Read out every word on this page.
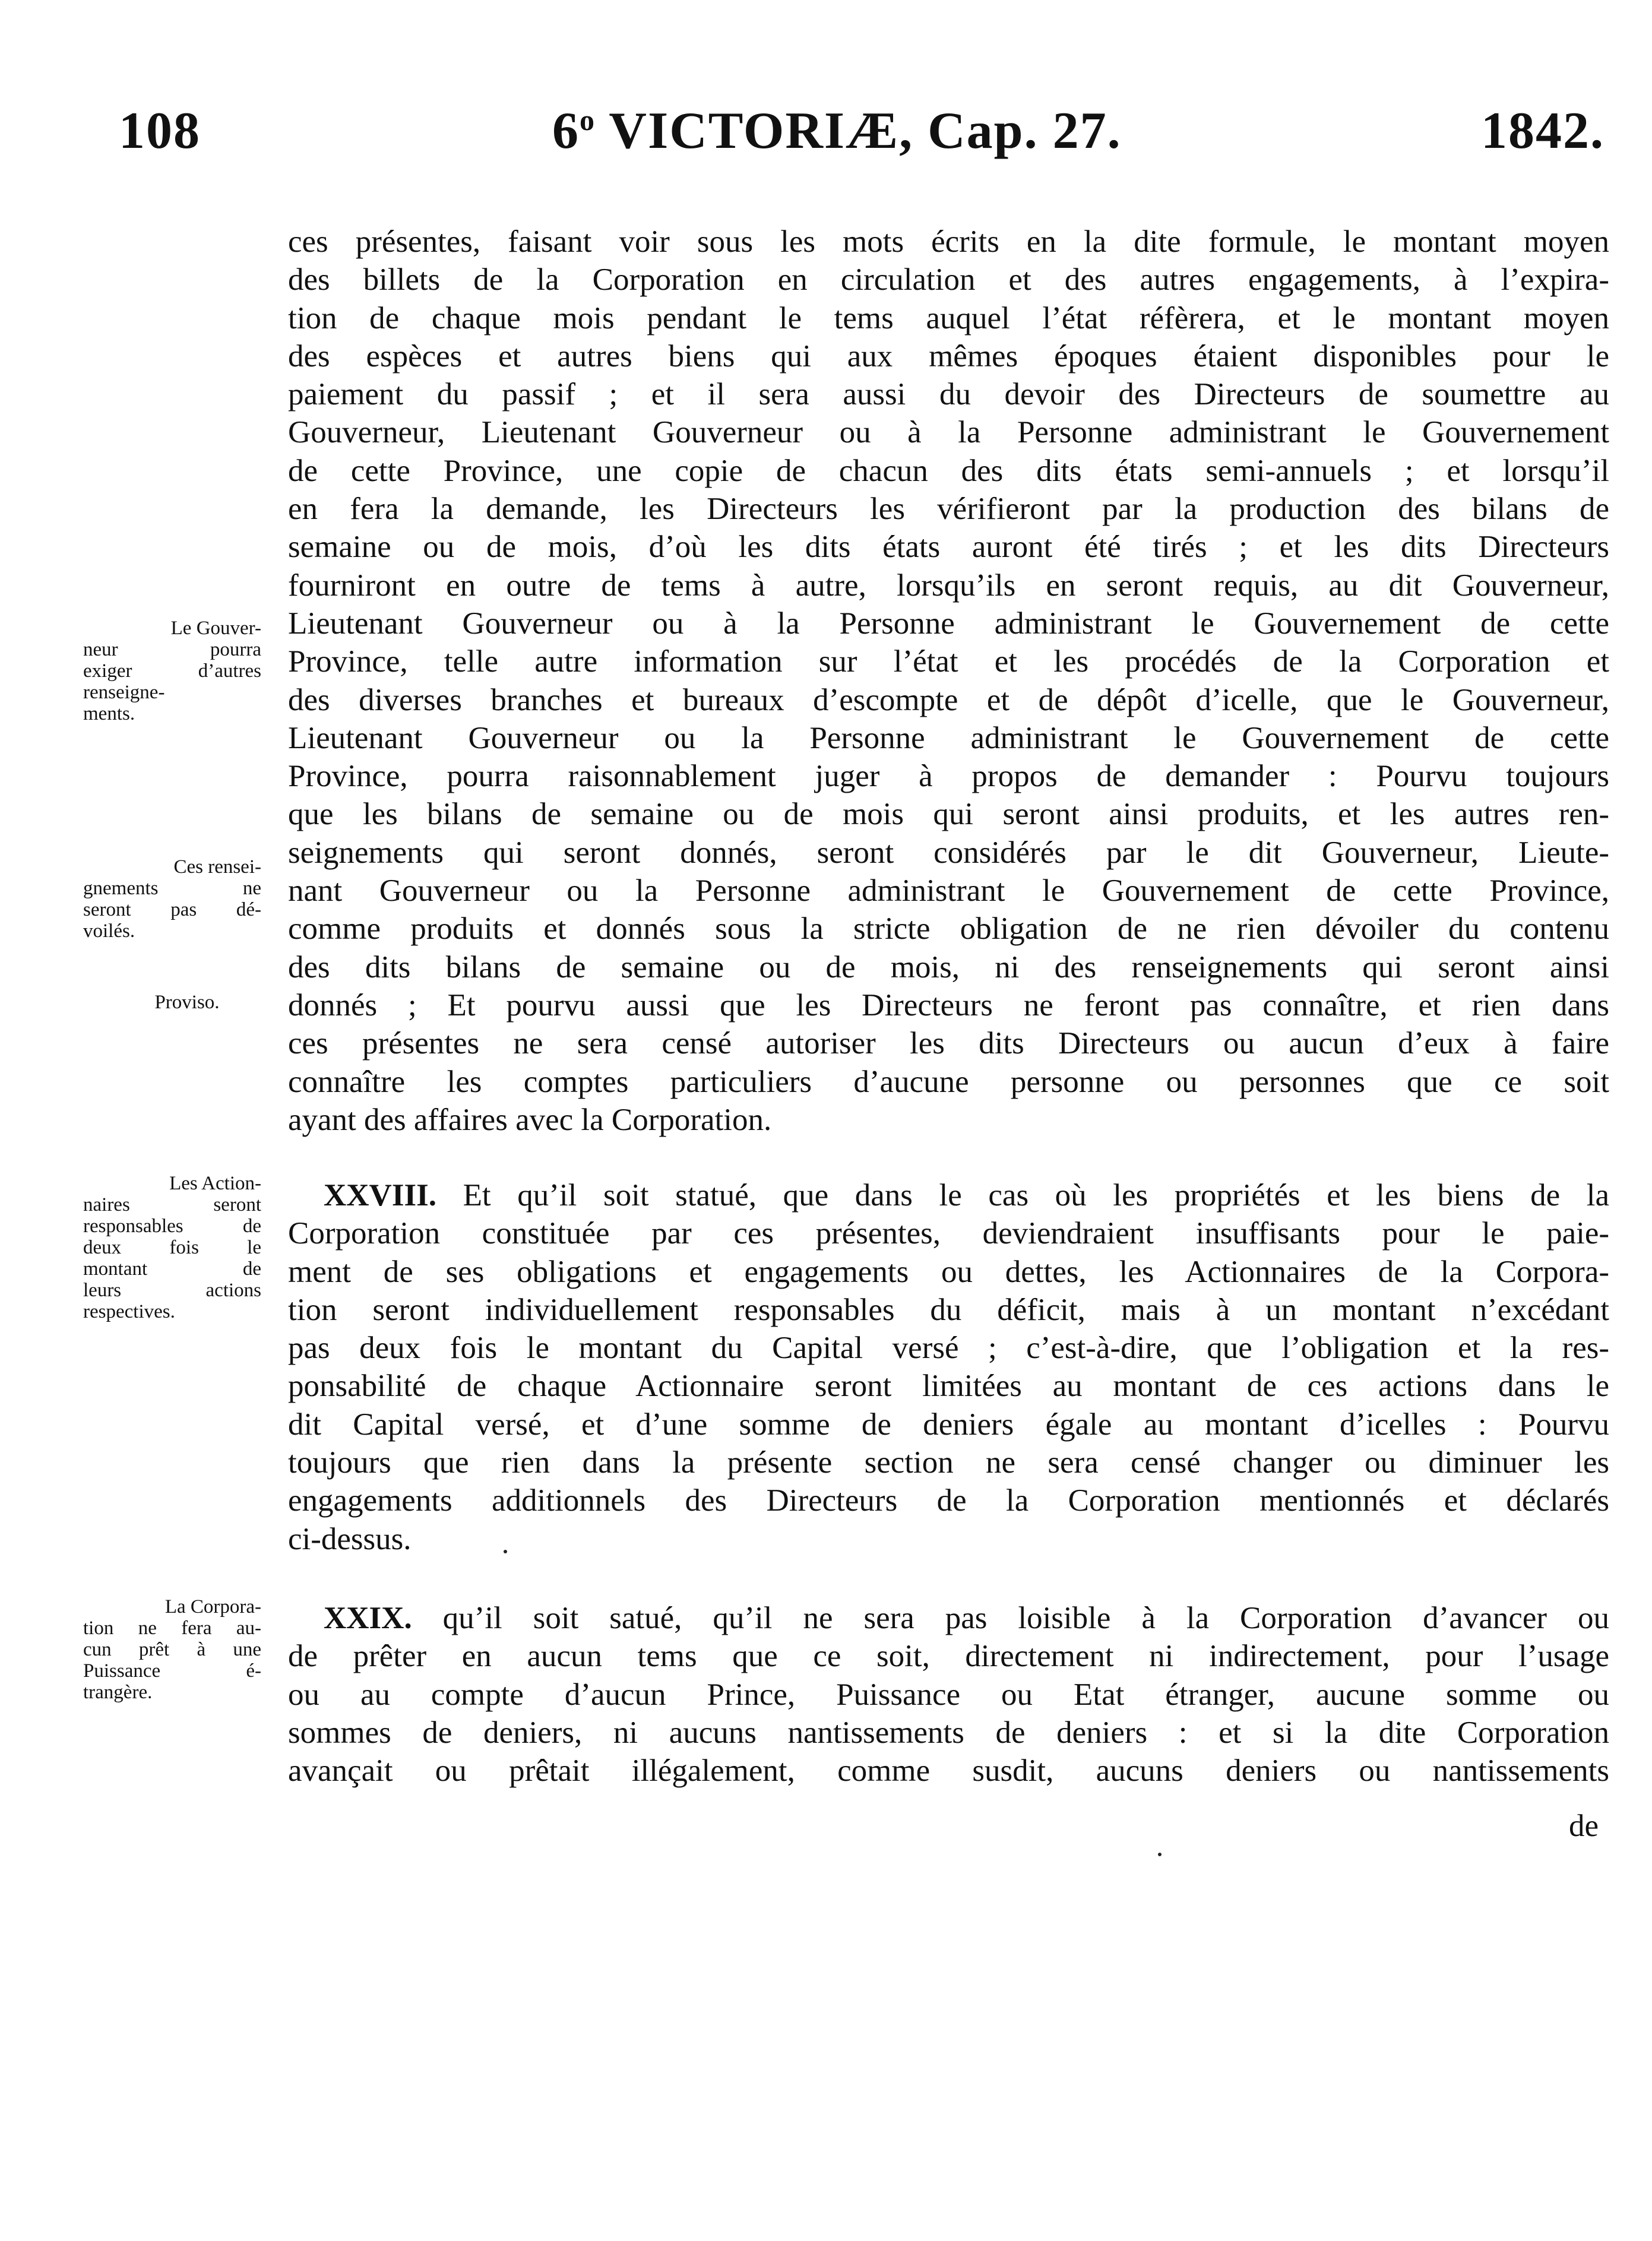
108	6$^o$ VICTORIÆ, Cap. 27.	1842.
ces présentes, faisant voir sous les mots écrits en la dite formule, le montant moyen
des billets de la Corporation en circulation et des autres engagements, à l’expira-
tion de chaque mois pendant le tems auquel l’état réfèrera, et le montant moyen
des espèces et autres biens qui aux mêmes époques étaient disponibles pour le
paiement du passif ; et il sera aussi du devoir des Directeurs de soumettre au
Gouverneur, Lieutenant Gouverneur ou à la Personne administrant le Gouvernement
de cette Province, une copie de chacun des dits états semi-annuels ; et lorsqu’il
en fera la demande, les Directeurs les vérifieront par la production des bilans de
semaine ou de mois, d’où les dits états auront été tirés ; et les dits Directeurs
fourniront en outre de tems à autre, lorsqu’ils en seront requis, au dit Gouverneur,
Lieutenant Gouverneur ou à la Personne administrant le Gouvernement de cette
Province, telle autre information sur l’état et les procédés de la Corporation et
des diverses branches et bureaux d’escompte et de dépôt d’icelle, que le Gouverneur,
Lieutenant Gouverneur ou la Personne administrant le Gouvernement de cette
Province, pourra raisonnablement juger à propos de demander : Pourvu toujours
que les bilans de semaine ou de mois qui seront ainsi produits, et les autres ren-
seignements qui seront donnés, seront considérés par le dit Gouverneur, Lieute-
nant Gouverneur ou la Personne administrant le Gouvernement de cette Province,
comme produits et donnés sous la stricte obligation de ne rien dévoiler du contenu
des dits bilans de semaine ou de mois, ni des renseignements qui seront ainsi
donnés ; Et pourvu aussi que les Directeurs ne feront pas connaître, et rien dans
ces présentes ne sera censé autoriser les dits Directeurs ou aucun d’eux à faire
connaître les comptes particuliers d’aucune personne ou personnes que ce soit
ayant des affaires avec la Corporation.
XXVIII. Et qu’il soit statué, que dans le cas où les propriétés et les biens de la
Corporation constituée par ces présentes, deviendraient insuffisants pour le paie-
ment de ses obligations et engagements ou dettes, les Actionnaires de la Corpora-
tion seront individuellement responsables du déficit, mais à un montant n’excédant
pas deux fois le montant du Capital versé ; c’est-à-dire, que l’obligation et la res-
ponsabilité de chaque Actionnaire seront limitées au montant de ces actions dans le
dit Capital versé, et d’une somme de deniers égale au montant d’icelles : Pourvu
toujours que rien dans la présente section ne sera censé changer ou diminuer les
engagements additionnels des Directeurs de la Corporation mentionnés et déclarés
ci-dessus.
XXIX. qu’il soit satué, qu’il ne sera pas loisible à la Corporation d’avancer ou
de prêter en aucun tems que ce soit, directement ni indirectement, pour l’usage
ou au compte d’aucun Prince, Puissance ou Etat étranger, aucune somme ou
sommes de deniers, ni aucuns nantissements de deniers : et si la dite Corporation
avançait ou prêtait illégalement, comme susdit, aucuns deniers ou nantissements
de
Le Gouver-
neur pourra
exiger d’autres
renseigne-
ments.
Ces rensei-
gnements ne
seront pas dé-
voilés.
Proviso.
Les Action-
naires seront
responsables de
deux fois le
montant de
leurs actions
respectives.
La Corpora-
tion ne fera au-
cun prêt à une
Puissance é-
trangère.
